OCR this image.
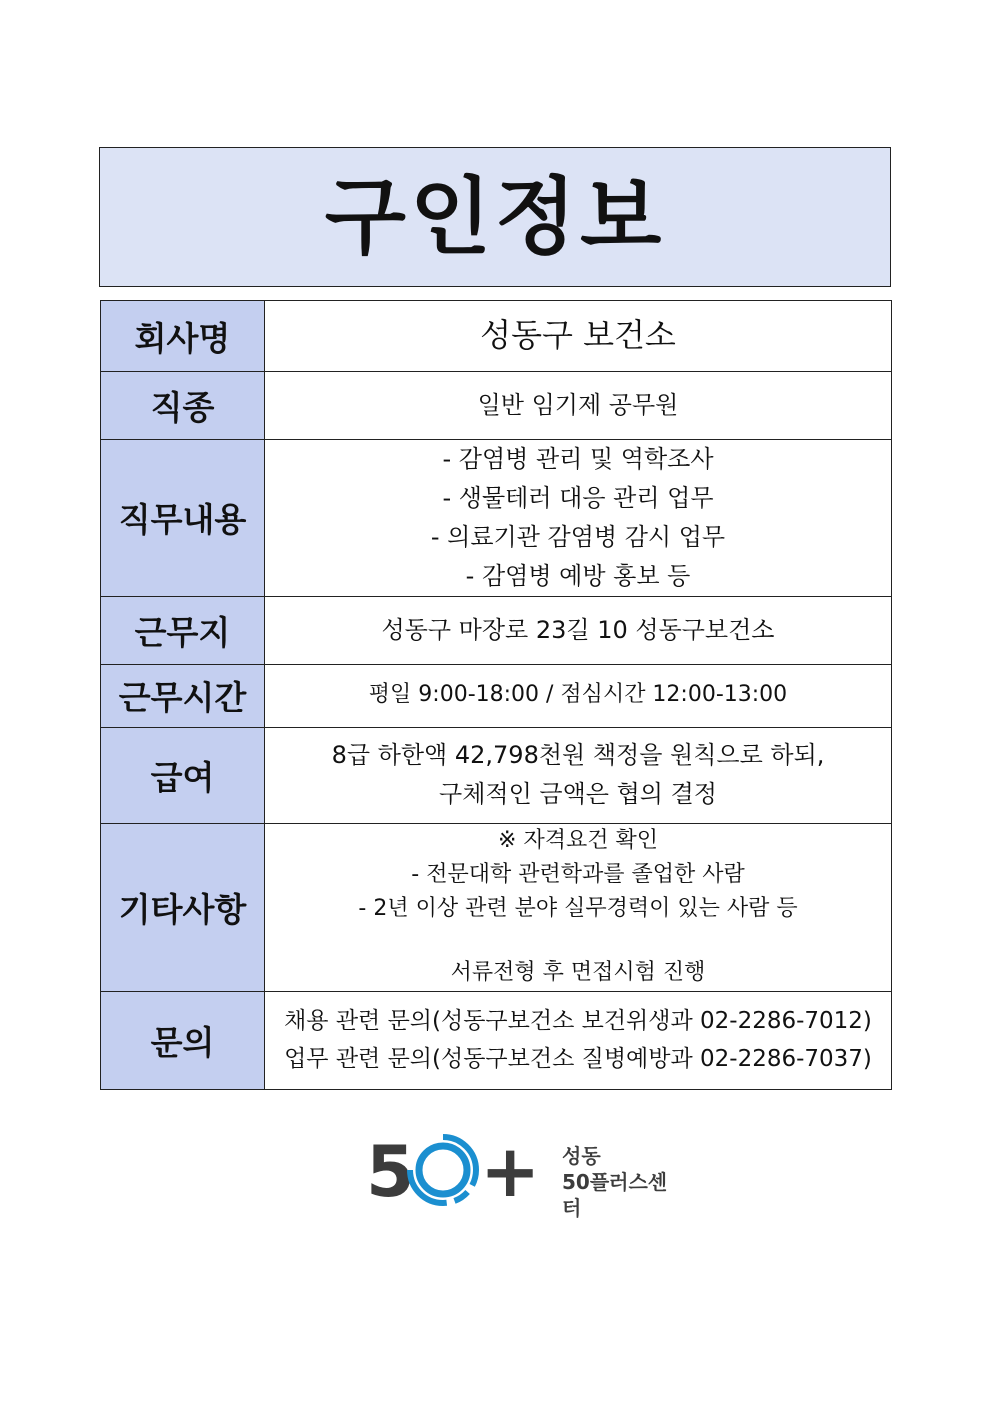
구인정보
회사명	성동구 보건소

직종	일반 임기제 공무원

직무내용	- 감염병 관리 및 역학조사
- 생물테러 대응 관리 업무
- 의료기관 감염병 감시 업무
- 감염병 예방 홍보 등

근무지	성동구 마장로 23길 10 성동구보건소

근무시간	평일 9:00-18:00 / 점심시간 12:00-13:00

급여	8급 하한액 42,798천원 책정을 원칙으로 하되,
구체적인 금액은 협의 결정

기타사항	※ 자격요건 확인
- 전문대학 관련학과를 졸업한 사람
- 2년 이상 관련 분야 실무경력이 있는 사람 등
서류전형 후 면접시험 진행

문의	채용 관련 문의(성동구보건소 보건위생과 02-2286-7012)
업무 관련 문의(성동구보건소 질병예방과 02-2286-7037)
5 + 성동
50플러스센터
